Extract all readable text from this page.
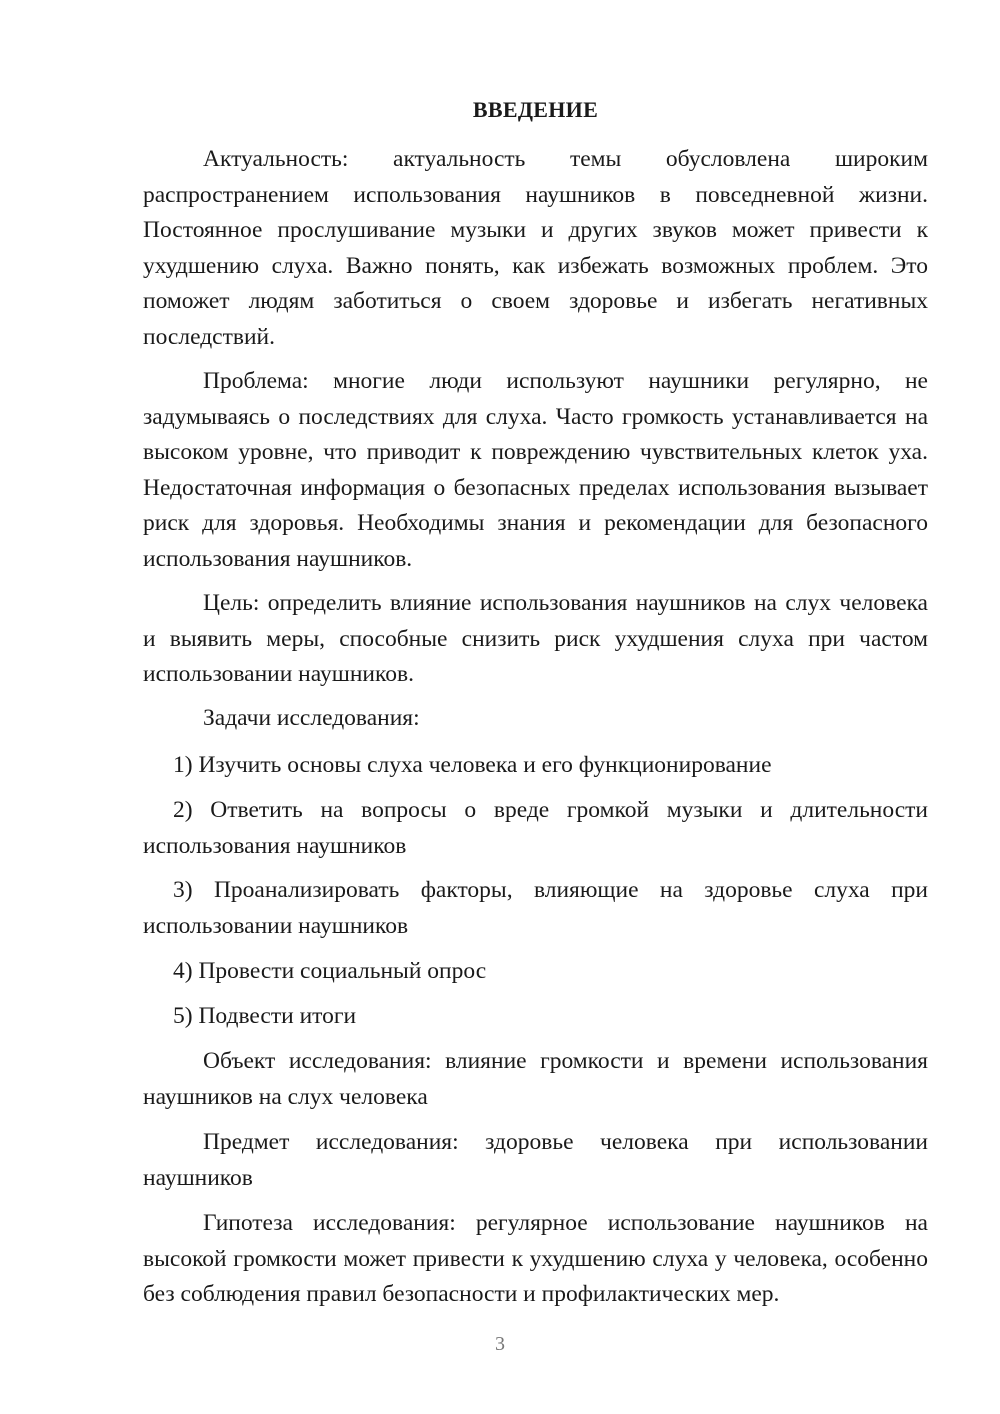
ВВЕДЕНИЕ

Актуальность: актуальность темы обусловлена широким распространением использования наушников в повседневной жизни. Постоянное прослушивание музыки и других звуков может привести к ухудшению слуха. Важно понять, как избежать возможных проблем. Это поможет людям заботиться о своем здоровье и избегать негативных последствий.

Проблема: многие люди используют наушники регулярно, не задумываясь о последствиях для слуха. Часто громкость устанавливается на высоком уровне, что приводит к повреждению чувствительных клеток уха. Недостаточная информация о безопасных пределах использования вызывает риск для здоровья. Необходимы знания и рекомендации для безопасного использования наушников.

Цель: определить влияние использования наушников на слух человека и выявить меры, способные снизить риск ухудшения слуха при частом использовании наушников.

Задачи исследования:

1) Изучить основы слуха человека и его функционирование

2) Ответить на вопросы о вреде громкой музыки и длительности использования наушников

3) Проанализировать факторы, влияющие на здоровье слуха при использовании наушников

4) Провести социальный опрос

5) Подвести итоги

Объект исследования: влияние громкости и времени использования наушников на слух человека

Предмет исследования: здоровье человека при использовании наушников

Гипотеза исследования: регулярное использование наушников на высокой громкости может привести к ухудшению слуха у человека, особенно без соблюдения правил безопасности и профилактических мер.

3
